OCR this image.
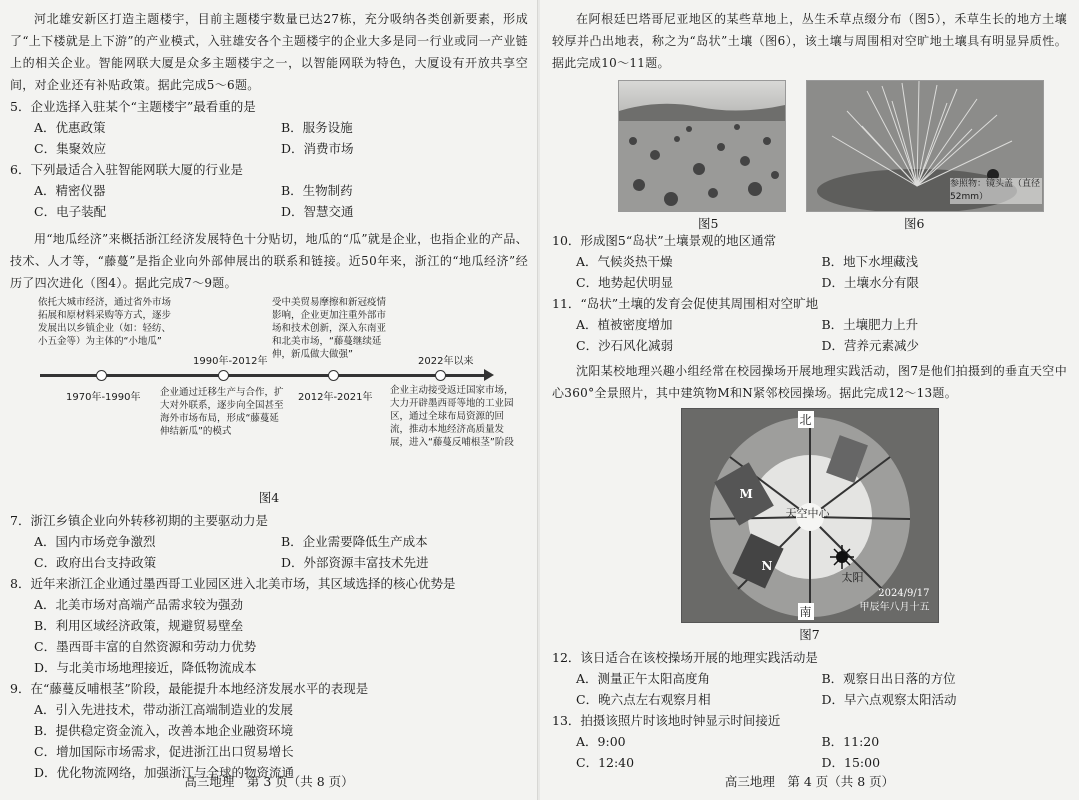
河北雄安新区打造主题楼宇，目前主题楼宇数量已达27栋，充分吸纳各类创新要素，形成了“上下楼就是上下游”的产业模式，入驻雄安各个主题楼宇的企业大多是同一行业或同一产业链上的相关企业。智能网联大厦是众多主题楼宇之一，以智能网联为特色，大厦设有开放共享空间，对企业还有补贴政策。据此完成5～6题。

5．企业选择入驻某个“主题楼宇”最看重的是

A．优惠政策	B．服务设施
C．集聚效应	D．消费市场

6．下列最适合入驻智能网联大厦的行业是

A．精密仪器	B．生物制药
C．电子装配	D．智慧交通

用“地瓜经济”来概括浙江经济发展特色十分贴切，地瓜的“瓜”就是企业，也指企业的产品、技术、人才等，“藤蔓”是指企业向外部伸展出的联系和链接。近50年来，浙江的“地瓜经济”经历了四次进化（图4）。据此完成7～9题。

依托大城市经济，通过省外市场拓展和原材料采购等方式，逐步发展出以乡镇企业（如：轻纺、小五金等）为主体的“小地瓜”
受中美贸易摩擦和新冠疫情影响，企业更加注重外部市场和技术创新，深入东南亚和北美市场，“藤蔓继续延伸，新瓜做大做强”
1990年-2012年	2022年以来
1970年-1990年	2012年-2021年
企业通过迁移生产与合作，扩大对外联系，逐步向全国甚至海外市场布局，形成“藤蔓延伸结新瓜”的模式
企业主动接受返迁国家市场，大力开辟墨西哥等地的工业园区，通过全球布局资源的回流，推动本地经济高质量发展，进入“藤蔓反哺根茎”阶段
图4

7．浙江乡镇企业向外转移初期的主要驱动力是

A．国内市场竞争激烈	B．企业需要降低生产成本
C．政府出台支持政策	D．外部资源丰富技术先进

8．近年来浙江企业通过墨西哥工业园区进入北美市场，其区域选择的核心优势是

A．北美市场对高端产品需求较为强劲
B．利用区域经济政策，规避贸易壁垒
C．墨西哥丰富的自然资源和劳动力优势
D．与北美市场地理接近，降低物流成本

9．在“藤蔓反哺根茎”阶段，最能提升本地经济发展水平的表现是

A．引入先进技术，带动浙江高端制造业的发展
B．提供稳定资金流入，改善本地企业融资环境
C．增加国际市场需求，促进浙江出口贸易增长
D．优化物流网络，加强浙江与全球的物资流通
高三地理　第 3 页（共 8 页）

在阿根廷巴塔哥尼亚地区的某些草地上，丛生禾草点缀分布（图5），禾草生长的地方土壤较厚并凸出地表，称之为“岛状”土壤（图6），该土壤与周围相对空旷地土壤具有明显异质性。据此完成10～11题。

图5
参照物：镜头盖（直径52mm）
图6

10．形成图5“岛状”土壤景观的地区通常

A．气候炎热干燥	B．地下水埋藏浅
C．地势起伏明显	D．土壤水分有限

11．“岛状”土壤的发育会促使其周围相对空旷地

A．植被密度增加	B．土壤肥力上升
C．沙石风化减弱	D．营养元素减少

沈阳某校地理兴趣小组经常在校园操场开展地理实践活动，图7是他们拍摄到的垂直天空中心360°全景照片，其中建筑物M和N紧邻校园操场。据此完成12～13题。

北
南
天空中心
太阳
M
N
2024/9/17
甲辰年八月十五
图7

12．该日适合在该校操场开展的地理实践活动是

A．测量正午太阳高度角	B．观察日出日落的方位
C．晚六点左右观察月相	D．早六点观察太阳活动

13．拍摄该照片时该地时钟显示时间接近

A．9:00	B．11:20
C．12:40	D．15:00
高三地理　第 4 页（共 8 页）
